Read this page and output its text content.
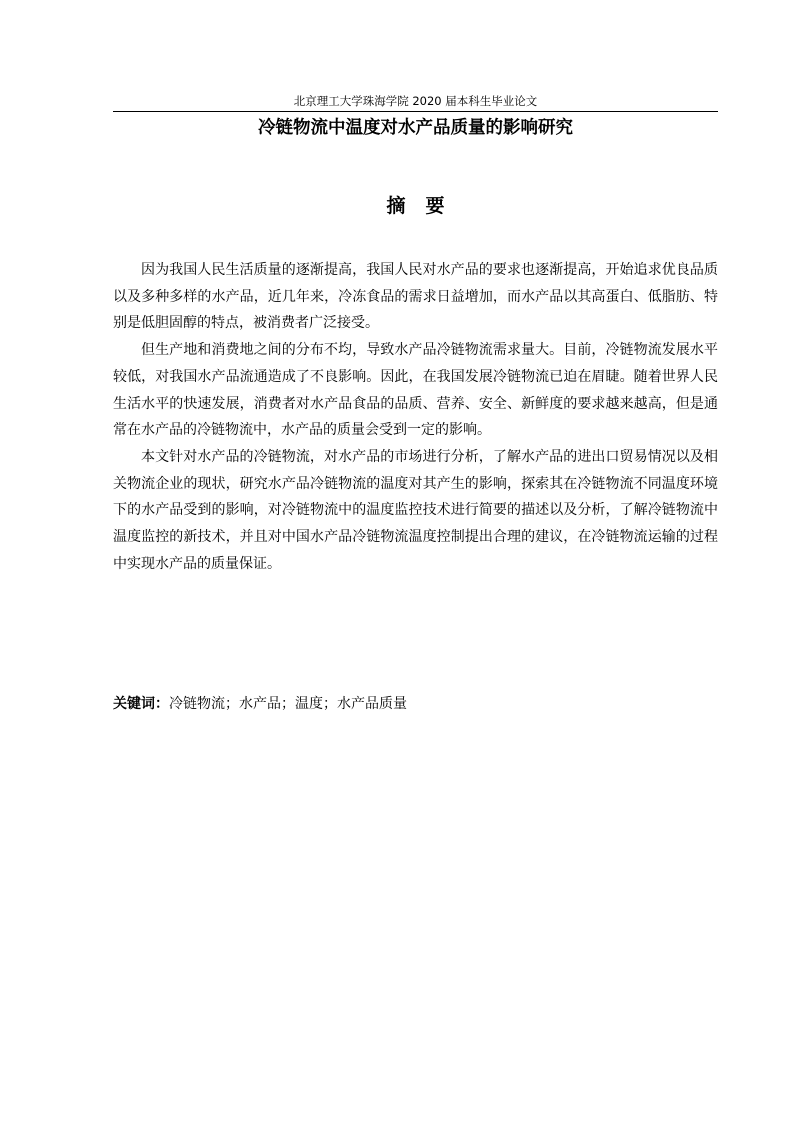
北京理工大学珠海学院 2020 届本科生毕业论文
冷链物流中温度对水产品质量的影响研究
摘要

因为我国人民生活质量的逐渐提高，我国人民对水产品的要求也逐渐提高，开始追求优良品质以及多种多样的水产品，近几年来，冷冻食品的需求日益增加，而水产品以其高蛋白、低脂肪、特别是低胆固醇的特点，被消费者广泛接受。

但生产地和消费地之间的分布不均，导致水产品冷链物流需求量大。目前，冷链物流发展水平较低，对我国水产品流通造成了不良影响。因此，在我国发展冷链物流已迫在眉睫。随着世界人民生活水平的快速发展，消费者对水产品食品的品质、营养、安全、新鲜度的要求越来越高，但是通常在水产品的冷链物流中，水产品的质量会受到一定的影响。

本文针对水产品的冷链物流，对水产品的市场进行分析，了解水产品的进出口贸易情况以及相关物流企业的现状，研究水产品冷链物流的温度对其产生的影响，探索其在冷链物流不同温度环境下的水产品受到的影响，对冷链物流中的温度监控技术进行简要的描述以及分析，了解冷链物流中温度监控的新技术，并且对中国水产品冷链物流温度控制提出合理的建议，在冷链物流运输的过程中实现水产品的质量保证。

关键词：冷链物流；水产品；温度；水产品质量
